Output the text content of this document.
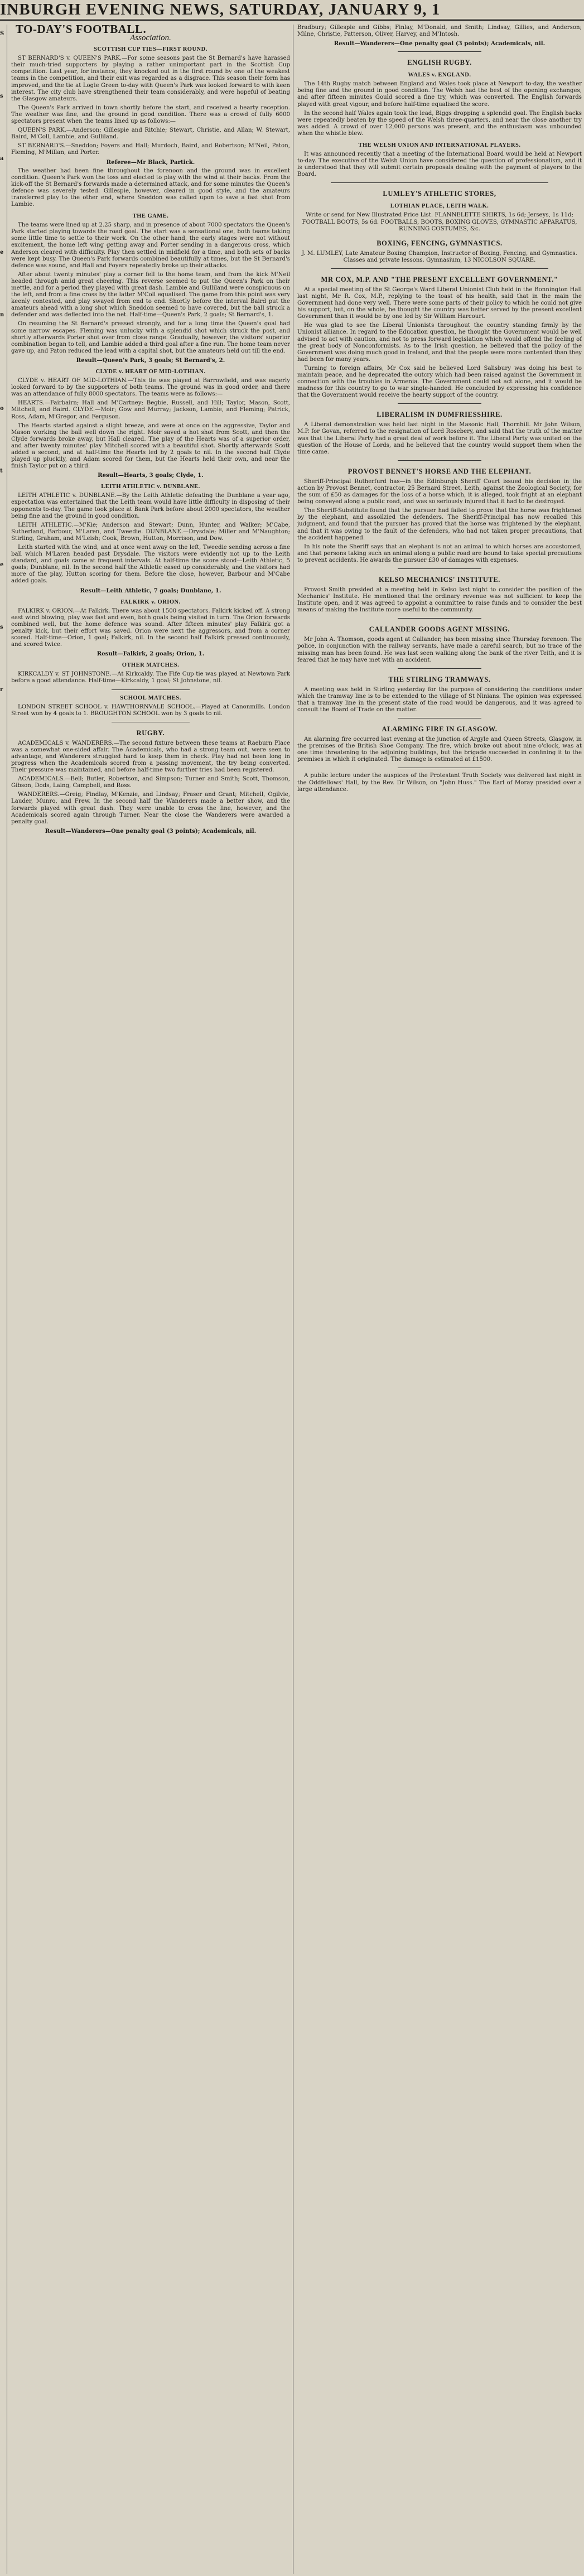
INBURGH EVENING NEWS, SATURDAY, JANUARY 9, 1
S
s
a
e
n
o
t
e
s
r
TO-DAY'S FOOTBALL.
Association.
SCOTTISH CUP TIES—FIRST ROUND.

ST BERNARD'S v. QUEEN'S PARK.—For some seasons past the St Bernard's have harassed their much-tried supporters by playing a rather unimportant part in the Scottish Cup competition. Last year, for instance, they knocked out in the first round by one of the weakest teams in the competition, and their exit was regarded as a disgrace. This season their form has improved, and the tie at Logie Green to-day with Queen's Park was looked forward to with keen interest. The city club have strengthened their team considerably, and were hopeful of beating the Glasgow amateurs.

The Queen's Park arrived in town shortly before the start, and received a hearty reception. The weather was fine, and the ground in good condition. There was a crowd of fully 6000 spectators present when the teams lined up as follows:—

QUEEN'S PARK.—Anderson; Gillespie and Ritchie; Stewart, Christie, and Allan; W. Stewart, Baird, M'Coll, Lambie, and Gulliland.

ST BERNARD'S.—Sneddon; Foyers and Hall; Murdoch, Baird, and Robertson; M'Neil, Paton, Fleming, M'Millan, and Porter.

Referee—Mr Black, Partick.

The weather had been fine throughout the forenoon and the ground was in excellent condition. Queen's Park won the toss and elected to play with the wind at their backs. From the kick-off the St Bernard's forwards made a determined attack, and for some minutes the Queen's defence was severely tested. Gillespie, however, cleared in good style, and the amateurs transferred play to the other end, where Sneddon was called upon to save a fast shot from Lambie.

THE GAME.

The teams were lined up at 2.25 sharp, and in presence of about 7000 spectators the Queen's Park started playing towards the road goal. The start was a sensational one, both teams taking some little time to settle to their work. On the other hand, the early stages were not without excitement, the home left wing getting away and Porter sending in a dangerous cross, which Anderson cleared with difficulty. Play then settled in midfield for a time, and both sets of backs were kept busy. The Queen's Park forwards combined beautifully at times, but the St Bernard's defence was sound, and Hall and Foyers repeatedly broke up their attacks.

After about twenty minutes' play a corner fell to the home team, and from the kick M'Neil headed through amid great cheering. This reverse seemed to put the Queen's Park on their mettle, and for a period they played with great dash. Lambie and Gulliland were conspicuous on the left, and from a fine cross by the latter M'Coll equalised. The game from this point was very keenly contested, and play swayed from end to end. Shortly before the interval Baird put the amateurs ahead with a long shot which Sneddon seemed to have covered, but the ball struck a defender and was deflected into the net. Half-time—Queen's Park, 2 goals; St Bernard's, 1.

On resuming the St Bernard's pressed strongly, and for a long time the Queen's goal had some narrow escapes. Fleming was unlucky with a splendid shot which struck the post, and shortly afterwards Porter shot over from close range. Gradually, however, the visitors' superior combination began to tell, and Lambie added a third goal after a fine run. The home team never gave up, and Paton reduced the lead with a capital shot, but the amateurs held out till the end.

Result—Queen's Park, 3 goals; St Bernard's, 2.

CLYDE v. HEART OF MID-LOTHIAN.

CLYDE v. HEART OF MID-LOTHIAN.—This tie was played at Barrowfield, and was eagerly looked forward to by the supporters of both teams. The ground was in good order, and there was an attendance of fully 8000 spectators. The teams were as follows:—

HEARTS.—Fairbairn; Hall and M'Cartney; Begbie, Russell, and Hill; Taylor, Mason, Scott, Mitchell, and Baird. CLYDE.—Moir; Gow and Murray; Jackson, Lambie, and Fleming; Patrick, Ross, Adam, M'Gregor, and Ferguson.

The Hearts started against a slight breeze, and were at once on the aggressive, Taylor and Mason working the ball well down the right. Moir saved a hot shot from Scott, and then the Clyde forwards broke away, but Hall cleared. The play of the Hearts was of a superior order, and after twenty minutes' play Mitchell scored with a beautiful shot. Shortly afterwards Scott added a second, and at half-time the Hearts led by 2 goals to nil. In the second half Clyde played up pluckily, and Adam scored for them, but the Hearts held their own, and near the finish Taylor put on a third.

Result—Hearts, 3 goals; Clyde, 1.

LEITH ATHLETIC v. DUNBLANE.

LEITH ATHLETIC v. DUNBLANE.—By the Leith Athletic defeating the Dunblane a year ago, expectation was entertained that the Leith team would have little difficulty in disposing of their opponents to-day. The game took place at Bank Park before about 2000 spectators, the weather being fine and the ground in good condition.

LEITH ATHLETIC.—M'Kie; Anderson and Stewart; Dunn, Hunter, and Walker; M'Cabe, Sutherland, Barbour, M'Laren, and Tweedie. DUNBLANE.—Drysdale; Miller and M'Naughton; Stirling, Graham, and M'Leish; Cook, Brown, Hutton, Morrison, and Dow.

Leith started with the wind, and at once went away on the left, Tweedie sending across a fine ball which M'Laren headed past Drysdale. The visitors were evidently not up to the Leith standard, and goals came at frequent intervals. At half-time the score stood—Leith Athletic, 5 goals; Dunblane, nil. In the second half the Athletic eased up considerably, and the visitors had more of the play, Hutton scoring for them. Before the close, however, Barbour and M'Cabe added goals.

Result—Leith Athletic, 7 goals; Dunblane, 1.

FALKIRK v. ORION.

FALKIRK v. ORION.—At Falkirk. There was about 1500 spectators. Falkirk kicked off. A strong east wind blowing, play was fast and even, both goals being visited in turn. The Orion forwards combined well, but the home defence was sound. After fifteen minutes' play Falkirk got a penalty kick, but their effort was saved. Orion were next the aggressors, and from a corner scored. Half-time—Orion, 1 goal; Falkirk, nil. In the second half Falkirk pressed continuously, and scored twice.

Result—Falkirk, 2 goals; Orion, 1.

OTHER MATCHES.

KIRKCALDY v. ST JOHNSTONE.—At Kirkcaldy. The Fife Cup tie was played at Newtown Park before a good attendance. Half-time—Kirkcaldy, 1 goal; St Johnstone, nil.

SCHOOL MATCHES.

LONDON STREET SCHOOL v. HAWTHORNVALE SCHOOL.—Played at Canonmills. London Street won by 4 goals to 1. BROUGHTON SCHOOL won by 3 goals to nil.

RUGBY.

ACADEMICALS v. WANDERERS.—The second fixture between these teams at Raeburn Place was a somewhat one-sided affair. The Academicals, who had a strong team out, were seen to advantage, and Wanderers struggled hard to keep them in check. Play had not been long in progress when the Academicals scored from a passing movement, the try being converted. Their pressure was maintained, and before half-time two further tries had been registered.

ACADEMICALS.—Bell; Butler, Robertson, and Simpson; Turner and Smith; Scott, Thomson, Gibson, Dods, Laing, Campbell, and Ross.

WANDERERS.—Greig; Findlay, M'Kenzie, and Lindsay; Fraser and Grant; Mitchell, Ogilvie, Lauder, Munro, and Frew. In the second half the Wanderers made a better show, and the forwards played with great dash. They were unable to cross the line, however, and the Academicals scored again through Turner. Near the close the Wanderers were awarded a penalty goal.

Result—Wanderers—One penalty goal (3 points); Academicals, nil.

Bradbury; Gillespie and Gibbs; Finlay, M'Donald, and Smith; Lindsay, Gillies, and Anderson; Milne, Christie, Patterson, Oliver, Harvey, and M'Intosh.

Result—Wanderers—One penalty goal (3 points); Academicals, nil.

ENGLISH RUGBY.
WALES v. ENGLAND.

The 14th Rugby match between England and Wales took place at Newport to-day, the weather being fine and the ground in good condition. The Welsh had the best of the opening exchanges, and after fifteen minutes Gould scored a fine try, which was converted. The English forwards played with great vigour, and before half-time equalised the score.

In the second half Wales again took the lead, Biggs dropping a splendid goal. The English backs were repeatedly beaten by the speed of the Welsh three-quarters, and near the close another try was added. A crowd of over 12,000 persons was present, and the enthusiasm was unbounded when the whistle blew.

THE WELSH UNION AND INTERNATIONAL PLAYERS.

It was announced recently that a meeting of the International Board would be held at Newport to-day. The executive of the Welsh Union have considered the question of professionalism, and it is understood that they will submit certain proposals dealing with the payment of players to the Board.

LUMLEY'S ATHLETIC STORES,
LOTHIAN PLACE, LEITH WALK.

Write or send for New Illustrated Price List. FLANNELETTE SHIRTS, 1s 6d; Jerseys, 1s 11d; FOOTBALL BOOTS, 5s 6d. FOOTBALLS, BOOTS, BOXING GLOVES, GYMNASTIC APPARATUS, RUNNING COSTUMES, &c.

BOXING, FENCING, GYMNASTICS.

J. M. LUMLEY, Late Amateur Boxing Champion, Instructor of Boxing, Fencing, and Gymnastics. Classes and private lessons. Gymnasium, 13 NICOLSON SQUARE.

MR COX, M.P. AND "THE PRESENT EXCELLENT GOVERNMENT."

At a special meeting of the St George's Ward Liberal Unionist Club held in the Bonnington Hall last night, Mr R. Cox, M.P., replying to the toast of his health, said that in the main the Government had done very well. There were some parts of their policy to which he could not give his support, but, on the whole, he thought the country was better served by the present excellent Government than it would be by one led by Sir William Harcourt.

He was glad to see the Liberal Unionists throughout the country standing firmly by the Unionist alliance. In regard to the Education question, he thought the Government would be well advised to act with caution, and not to press forward legislation which would offend the feeling of the great body of Nonconformists. As to the Irish question, he believed that the policy of the Government was doing much good in Ireland, and that the people were more contented than they had been for many years.

Turning to foreign affairs, Mr Cox said he believed Lord Salisbury was doing his best to maintain peace, and he deprecated the outcry which had been raised against the Government in connection with the troubles in Armenia. The Government could not act alone, and it would be madness for this country to go to war single-handed. He concluded by expressing his confidence that the Government would receive the hearty support of the country.

LIBERALISM IN DUMFRIESSHIRE.

A Liberal demonstration was held last night in the Masonic Hall, Thornhill. Mr John Wilson, M.P. for Govan, referred to the resignation of Lord Rosebery, and said that the truth of the matter was that the Liberal Party had a great deal of work before it. The Liberal Party was united on the question of the House of Lords, and he believed that the country would support them when the time came.

PROVOST BENNET'S HORSE AND THE ELEPHANT.

Sheriff-Principal Rutherfurd has—in the Edinburgh Sheriff Court issued his decision in the action by Provost Bennet, contractor, 25 Bernard Street, Leith, against the Zoological Society, for the sum of £50 as damages for the loss of a horse which, it is alleged, took fright at an elephant being conveyed along a public road, and was so seriously injured that it had to be destroyed.

The Sheriff-Substitute found that the pursuer had failed to prove that the horse was frightened by the elephant, and assoilzied the defenders. The Sheriff-Principal has now recalled this judgment, and found that the pursuer has proved that the horse was frightened by the elephant, and that it was owing to the fault of the defenders, who had not taken proper precautions, that the accident happened.

In his note the Sheriff says that an elephant is not an animal to which horses are accustomed, and that persons taking such an animal along a public road are bound to take special precautions to prevent accidents. He awards the pursuer £30 of damages with expenses.

KELSO MECHANICS' INSTITUTE.

Provost Smith presided at a meeting held in Kelso last night to consider the position of the Mechanics' Institute. He mentioned that the ordinary revenue was not sufficient to keep the Institute open, and it was agreed to appoint a committee to raise funds and to consider the best means of making the Institute more useful to the community.

CALLANDER GOODS AGENT MISSING.

Mr John A. Thomson, goods agent at Callander, has been missing since Thursday forenoon. The police, in conjunction with the railway servants, have made a careful search, but no trace of the missing man has been found. He was last seen walking along the bank of the river Teith, and it is feared that he may have met with an accident.

THE STIRLING TRAMWAYS.

A meeting was held in Stirling yesterday for the purpose of considering the conditions under which the tramway line is to be extended to the village of St Ninians. The opinion was expressed that a tramway line in the present state of the road would be dangerous, and it was agreed to consult the Board of Trade on the matter.

ALARMING FIRE IN GLASGOW.

An alarming fire occurred last evening at the junction of Argyle and Queen Streets, Glasgow, in the premises of the British Shoe Company. The fire, which broke out about nine o'clock, was at one time threatening to the adjoining buildings, but the brigade succeeded in confining it to the premises in which it originated. The damage is estimated at £1500.

A public lecture under the auspices of the Protestant Truth Society was delivered last night in the Oddfellows' Hall, by the Rev. Dr Wilson, on "John Huss." The Earl of Moray presided over a large attendance.
